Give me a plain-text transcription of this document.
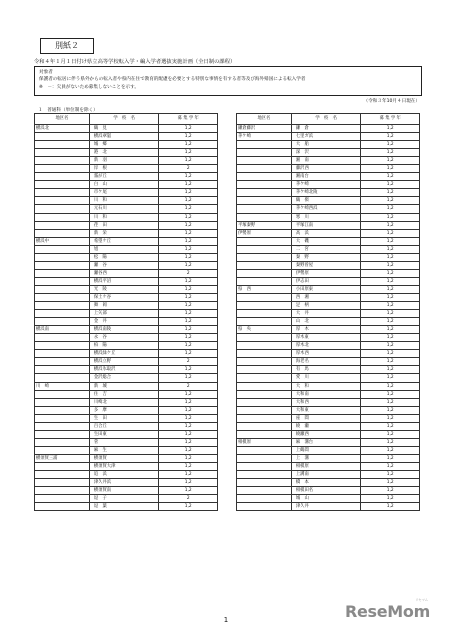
別紙２
令和４年１月１日付け県立高等学校転入学・編入学者選抜実施計画（全日制の課程）
対象者
保護者の転居に伴う県外からの転入者や県内在住で教育的配慮を必要とする特別な事情を有する者等及び海外帰国による転入学者
※　－：欠員がないため募集しないことを示す。
（令和３年10月４日現在）
１　普通科（単位制を除く）
地区名	学　校　名	募 集 学 年
横浜北	鶴　見	1,2
	横浜翠嵐	1,2
	城　郷	1,2
	港　北	1,2
	新　羽	1,2
	岸　根	2
	霧が丘	1,2
	白　山	1,2
	市ケ尾	1,2
	川　和	1,2
	元石川	1,2
	川　和	1,2
	荏　田	1,2
	新　栄	1,2
横浜中	希望ケ丘	1,2
	旭	1,2
	松　陽	1,2
	瀬　谷	1,2
	瀬谷西	2
	横浜平沼	1,2
	光　陵	1,2
	保土ケ谷	1,2
	舞　岡	1,2
	上矢部	1,2
	金　井	1,2
横浜南	横浜南陵	1,2
	永　谷	1,2
	柏　陽	1,2
	横浜緑ケ丘	1,2
	横浜立野	2
	横浜氷取沢	1,2
	金沢総合	1,2
川　崎	新　城	2
	住　吉	1,2
	川崎北	1,2
	多　摩	1,2
	生　田	1,2
	百合丘	1,2
	生田東	1,2
	菅	1,2
	麻　生	1,2
横須賀三浦	横須賀	1,2
	横須賀大津	1,2
	追　浜	1,2
	津久井浜	1,2
	横須賀南	1,2
	逗　子	2
	逗　葉	1,2
地区名	学　校　名	募 集 学 年
鎌倉藤沢	鎌　倉	1,2
茅ケ崎	七里ガ浜	1,2
	大　船	1,2
	深　沢	1,2
	湘　南	1,2
	藤沢西	1,2
	湘南台	1,2
	茅ケ崎	1,2
	茅ケ崎北陵	1,2
	鶴　嶺	1,2
	茅ケ崎西浜	1,2
	寒　川	1,2
平塚秦野	平塚江南	1,2
伊勢原	高　浜	1,2
	大　磯	1,2
	二　宮	1,2
	秦　野	1,2
	秦野曽屋	1,2
	伊勢原	1,2
	伊志田	1,2
県　西	小田原東	1,2
	西　湘	1,2
	足　柄	1,2
	大　井	1,2
	山　北	1,2
県　央	厚　木	1,2
	厚木東	1,2
	厚木北	1,2
	厚木西	1,2
	海老名	1,2
	有　馬	1,2
	愛　川	1,2
	大　和	1,2
	大和南	1,2
	大和西	1,2
	大和東	1,2
	座　間	1,2
	綾　瀬	1,2
	綾瀬西	1,2
相模原	麻　溝台	1,2
	上鶴間	1,2
	上　溝	1,2
	相模原	1,2
	上溝南	1,2
	橋　本	1,2
	相模田名	1,2
	城　山	1,2
	津久井	1,2
1
リセマム
ReseMom
